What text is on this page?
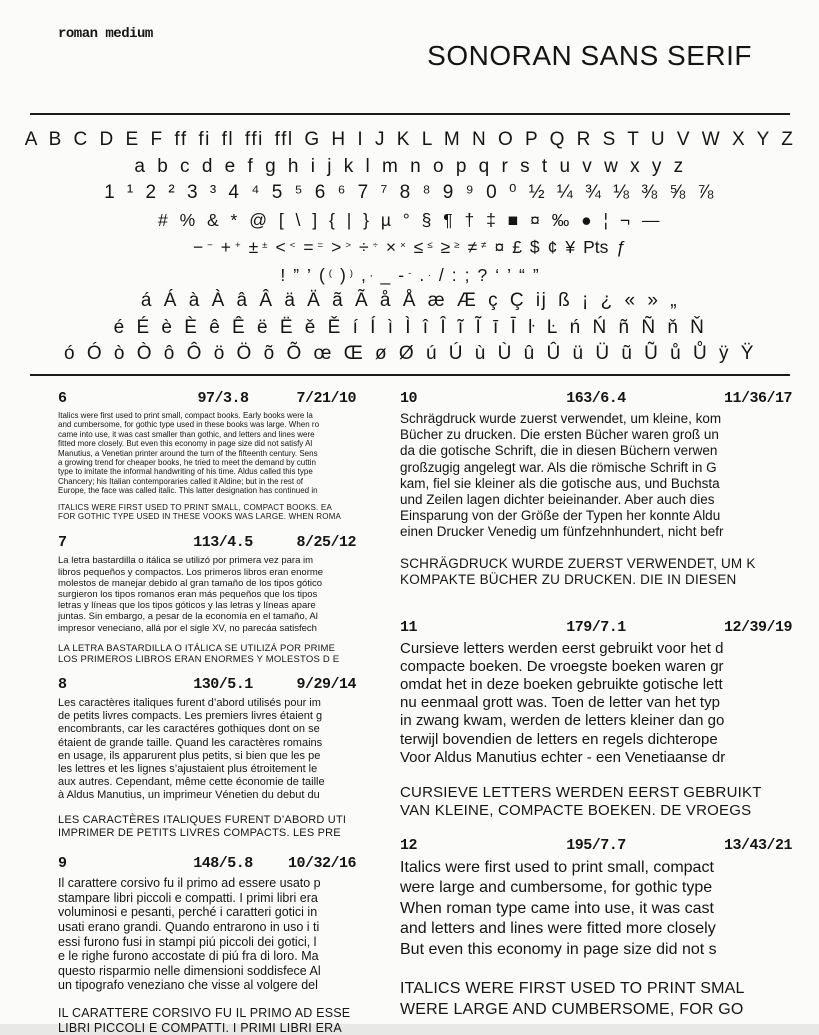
roman medium
SONORAN SANS SERIF
A B C D E F ff fi fl ffi ffl G H I J K L M N O P Q R S T U V W X Y Z
a b c d e f g h i j k l m n o p q r s t u v w x y z
1 ¹ 2 ² 3 ³ 4 ⁴ 5 ⁵ 6 ⁶ 7 ⁷ 8 ⁸ 9 ⁹ 0 ⁰ ½ ¼ ¾ ⅛ ⅜ ⅝ ⅞
# % & * @ [ \ ] { | } µ ° § ¶ † ‡ ■ ¤ ‰ ● ¦ ¬ —
− − + + ± ± < < = = > > ÷ ÷ × × ≤ ≤ ≥ ≥ ≠ ≠ ¤ £ $ ¢ ¥ Pts ƒ
! ” ’ ( ( ) ) , , _ - - . . / : ; ? ‘ ’ “ ”
á Á à À â Â ä Ä ã Ã å Å æ Æ ç Ç ij ß ¡ ¿ « » „
é É è È ê Ê ë Ë ě Ě í Í ì Ì î Î ĩ Ĩ ī Ī ŀ Ŀ ń Ń ñ Ñ ň Ň
ó Ó ò Ò ô Ô ö Ö õ Õ œ Œ ø Ø ú Ú ù Ù û Û ü Ü ũ Ũ ů Ů ÿ Ÿ
6	97/3.8	7/21/10
Italics were first used to print small, compact books. Early books were la
and cumbersome, for gothic type used in these books was large. When ro
came into use, it was cast smaller than gothic, and letters and lines were
fitted more closely. But even this economy in page size did not satisfy Al
Manutius, a Venetian printer around the turn of the fifteenth century. Sens
a growing trend for cheaper books, he tried to meet the demand by cuttin
type to imitate the informal handwriting of his time. Aldus called this type
Chancery; his Italian contemporaries called it Aldine; but in the rest of
Europe, the face was called italic. This latter designation has continued in
ITALICS WERE FIRST USED TO PRINT SMALL, COMPACT BOOKS. EA
FOR GOTHIC TYPE USED IN THESE VOOKS WAS LARGE. WHEN ROMA
7	113/4.5	8/25/12
La letra bastardilla o itálica se utilizó por primera vez para im
libros pequeños y compactos. Los primeros libros eran enorme
molestos de manejar debido al gran tamaño de los tipos gótico
surgieron los tipos romanos eran más pequeños que los tipos
letras y líneas que los tipos góticos y las letras y líneas apare
juntas. Sin embargo, a pesar de la economía en el tamaño, Al
impresor veneciano, allá por el sigle XV, no parecáa satisfech
LA LETRA BASTARDILLA O ITÁLICA SE UTILIZÁ POR PRIME
LOS PRIMEROS LIBROS ERAN ENORMES Y MOLESTOS D E
8	130/5.1	9/29/14
Les caractères italiques furent d’abord utilisés pour im
de petits livres compacts. Les premiers livres étaient g
encombrants, car les caractéres gothiques dont on se
étaient de grande taille. Quand les caractères romains
en usage, ils apparurent plus petits, si bien que les pe
les lettres et les lignes s’ajustaient plus étroitement le
aux autres. Cependant, même cette économie de taille
à Aldus Manutius, un imprimeur Vénetien du debut du
LES CARACTÈRES ITALIQUES FURENT D’ABORD UTI
IMPRIMER DE PETITS LIVRES COMPACTS. LES PRE
9	148/5.8	10/32/16
Il carattere corsivo fu il primo ad essere usato p
stampare libri piccoli e compatti. I primi libri era
voluminosi e pesanti, perché i caratteri gotici in
usati erano grandi. Quando entrarono in uso i ti
essi furono fusi in stampi piú piccoli dei gotici, l
e le righe furono accostate di piú fra di loro. Ma
questo risparmio nelle dimensioni soddisfece Al
un tipografo veneziano che visse al volgere del
IL CARATTERE CORSIVO FU IL PRIMO AD ESSE
LIBRI PICCOLI E COMPATTI. I PRIMI LIBRI ERA
10	163/6.4	11/36/17
Schrägdruck wurde zuerst verwendet, um kleine, kom
Bücher zu drucken. Die ersten Bücher waren groß un
da die gotische Schrift, die in diesen Büchern verwen
großzugig angelegt war. Als die römische Schrift in G
kam, fiel sie kleiner als die gotische aus, und Buchsta
und Zeilen lagen dichter beieinander. Aber auch dies
Einsparung von der Größe der Typen her konnte Aldu
einen Drucker Venedig um fünfzehnhundert, nicht befr
SCHRÄGDRUCK WURDE ZUERST VERWENDET, UM K
KOMPAKTE BÜCHER ZU DRUCKEN. DIE IN DIESEN
11	179/7.1	12/39/19
Cursieve letters werden eerst gebruikt voor het d
compacte boeken. De vroegste boeken waren gr
omdat het in deze boeken gebruikte gotische lett
nu eenmaal grott was. Toen de letter van het typ
in zwang kwam, werden de letters kleiner dan go
terwijl bovendien de letters en regels dichterope
Voor Aldus Manutius echter - een Venetiaanse dr
CURSIEVE LETTERS WERDEN EERST GEBRUIKT
VAN KLEINE, COMPACTE BOEKEN. DE VROEGS
12	195/7.7	13/43/21
Italics were first used to print small, compact
were large and cumbersome, for gothic type
When roman type came into use, it was cast
and letters and lines were fitted more closely
But even this economy in page size did not s
ITALICS WERE FIRST USED TO PRINT SMAL
WERE LARGE AND CUMBERSOME, FOR GO
